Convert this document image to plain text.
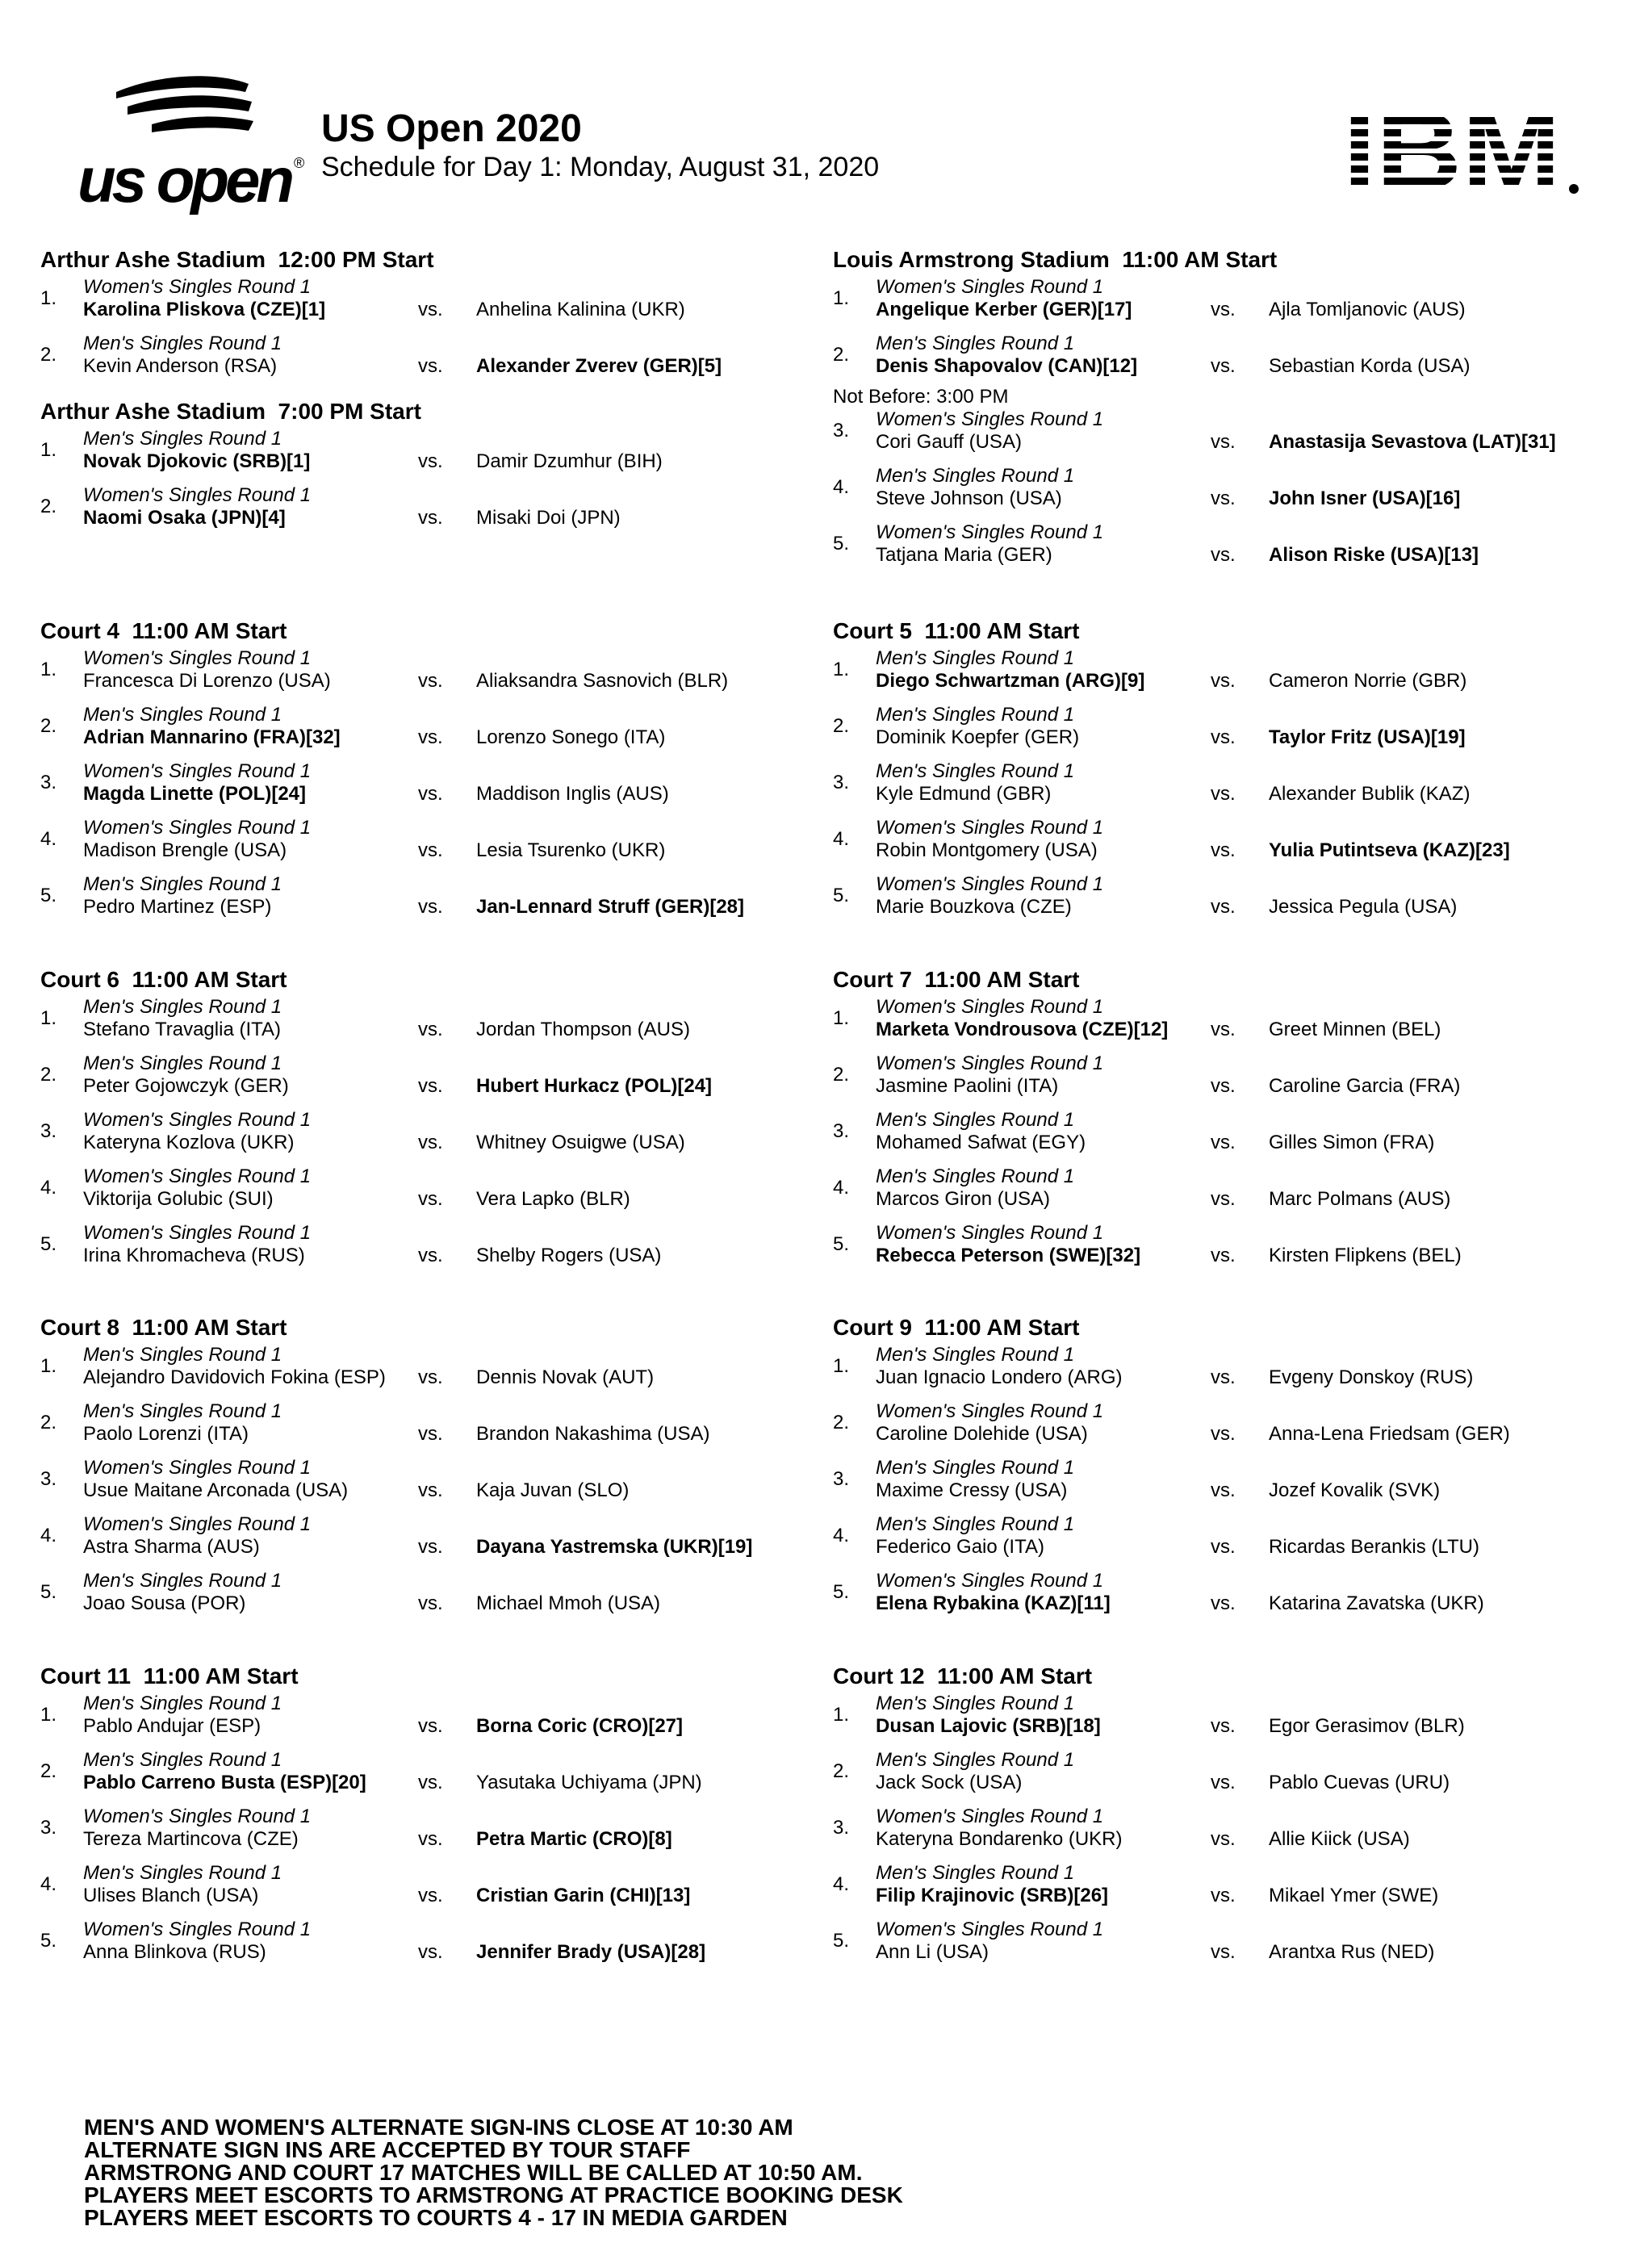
us open ®
US Open 2020
Schedule for Day 1: Monday, August 31, 2020	IBM
Arthur Ashe Stadium  12:00 PM Start
1.
Women's Singles Round 1
Karolina Pliskova (CZE)[1]	vs. Anhelina Kalinina (UKR)
2.
Men's Singles Round 1
Kevin Anderson (RSA)	vs. Alexander Zverev (GER)[5]
Arthur Ashe Stadium  7:00 PM Start
1.
Men's Singles Round 1
Novak Djokovic (SRB)[1]	vs. Damir Dzumhur (BIH)
2.
Women's Singles Round 1
Naomi Osaka (JPN)[4]	vs. Misaki Doi (JPN)
Court 4  11:00 AM Start
1.
Women's Singles Round 1
Francesca Di Lorenzo (USA)	vs. Aliaksandra Sasnovich (BLR)
2.
Men's Singles Round 1
Adrian Mannarino (FRA)[32]	vs. Lorenzo Sonego (ITA)
3.
Women's Singles Round 1
Magda Linette (POL)[24]	vs. Maddison Inglis (AUS)
4.
Women's Singles Round 1
Madison Brengle (USA)	vs. Lesia Tsurenko (UKR)
5.
Men's Singles Round 1
Pedro Martinez (ESP)	vs. Jan-Lennard Struff (GER)[28]
Court 6  11:00 AM Start
1.
Men's Singles Round 1
Stefano Travaglia (ITA)	vs. Jordan Thompson (AUS)
2.
Men's Singles Round 1
Peter Gojowczyk (GER)	vs. Hubert Hurkacz (POL)[24]
3.
Women's Singles Round 1
Kateryna Kozlova (UKR)	vs. Whitney Osuigwe (USA)
4.
Women's Singles Round 1
Viktorija Golubic (SUI)	vs. Vera Lapko (BLR)
5.
Women's Singles Round 1
Irina Khromacheva (RUS)	vs. Shelby Rogers (USA)
Court 8  11:00 AM Start
1.
Men's Singles Round 1
Alejandro Davidovich Fokina (ESP) vs. Dennis Novak (AUT)
2.
Men's Singles Round 1
Paolo Lorenzi (ITA)	vs. Brandon Nakashima (USA)
3.
Women's Singles Round 1
Usue Maitane Arconada (USA)	vs. Kaja Juvan (SLO)
4.
Women's Singles Round 1
Astra Sharma (AUS)	vs. Dayana Yastremska (UKR)[19]
5.
Men's Singles Round 1
Joao Sousa (POR)	vs. Michael Mmoh (USA)
Court 11  11:00 AM Start
1.
Men's Singles Round 1
Pablo Andujar (ESP)	vs. Borna Coric (CRO)[27]
2.
Men's Singles Round 1
Pablo Carreno Busta (ESP)[20]	vs. Yasutaka Uchiyama (JPN)
3.
Women's Singles Round 1
Tereza Martincova (CZE)	vs. Petra Martic (CRO)[8]
4.
Men's Singles Round 1
Ulises Blanch (USA)	vs. Cristian Garin (CHI)[13]
5.
Women's Singles Round 1
Anna Blinkova (RUS)	vs. Jennifer Brady (USA)[28]
Louis Armstrong Stadium  11:00 AM Start
1.
Women's Singles Round 1
Angelique Kerber (GER)[17]	vs. Ajla Tomljanovic (AUS)
2.
Men's Singles Round 1
Denis Shapovalov (CAN)[12]	vs. Sebastian Korda (USA)
Not Before: 3:00 PM
3.
Women's Singles Round 1
Cori Gauff (USA)	vs. Anastasija Sevastova (LAT)[31]
4.
Men's Singles Round 1
Steve Johnson (USA)	vs. John Isner (USA)[16]
5.
Women's Singles Round 1
Tatjana Maria (GER)	vs. Alison Riske (USA)[13]
Court 5  11:00 AM Start
1.
Men's Singles Round 1
Diego Schwartzman (ARG)[9]	vs. Cameron Norrie (GBR)
2.
Men's Singles Round 1
Dominik Koepfer (GER)	vs. Taylor Fritz (USA)[19]
3.
Men's Singles Round 1
Kyle Edmund (GBR)	vs. Alexander Bublik (KAZ)
4.
Women's Singles Round 1
Robin Montgomery (USA)	vs. Yulia Putintseva (KAZ)[23]
5.
Women's Singles Round 1
Marie Bouzkova (CZE)	vs. Jessica Pegula (USA)
Court 7  11:00 AM Start
1.
Women's Singles Round 1
Marketa Vondrousova (CZE)[12] vs. Greet Minnen (BEL)
2.
Women's Singles Round 1
Jasmine Paolini (ITA)	vs. Caroline Garcia (FRA)
3.
Men's Singles Round 1
Mohamed Safwat (EGY)	vs. Gilles Simon (FRA)
4.
Men's Singles Round 1
Marcos Giron (USA)	vs. Marc Polmans (AUS)
5.
Women's Singles Round 1
Rebecca Peterson (SWE)[32]	vs. Kirsten Flipkens (BEL)
Court 9  11:00 AM Start
1.
Men's Singles Round 1
Juan Ignacio Londero (ARG)	vs. Evgeny Donskoy (RUS)
2.
Women's Singles Round 1
Caroline Dolehide (USA)	vs. Anna-Lena Friedsam (GER)
3.
Men's Singles Round 1
Maxime Cressy (USA)	vs. Jozef Kovalik (SVK)
4.
Men's Singles Round 1
Federico Gaio (ITA)	vs. Ricardas Berankis (LTU)
5.
Women's Singles Round 1
Elena Rybakina (KAZ)[11]	vs. Katarina Zavatska (UKR)
Court 12  11:00 AM Start
1.
Men's Singles Round 1
Dusan Lajovic (SRB)[18]	vs. Egor Gerasimov (BLR)
2.
Men's Singles Round 1
Jack Sock (USA)	vs. Pablo Cuevas (URU)
3.
Women's Singles Round 1
Kateryna Bondarenko (UKR)	vs. Allie Kiick (USA)
4.
Men's Singles Round 1
Filip Krajinovic (SRB)[26]	vs. Mikael Ymer (SWE)
5.
Women's Singles Round 1
Ann Li (USA)	vs. Arantxa Rus (NED)
MEN'S AND WOMEN'S ALTERNATE SIGN-INS CLOSE AT 10:30 AM
ALTERNATE SIGN INS ARE ACCEPTED BY TOUR STAFF
ARMSTRONG AND COURT 17 MATCHES WILL BE CALLED AT 10:50 AM.
PLAYERS MEET ESCORTS TO ARMSTRONG AT PRACTICE BOOKING DESK
PLAYERS MEET ESCORTS TO COURTS 4 - 17 IN MEDIA GARDEN
